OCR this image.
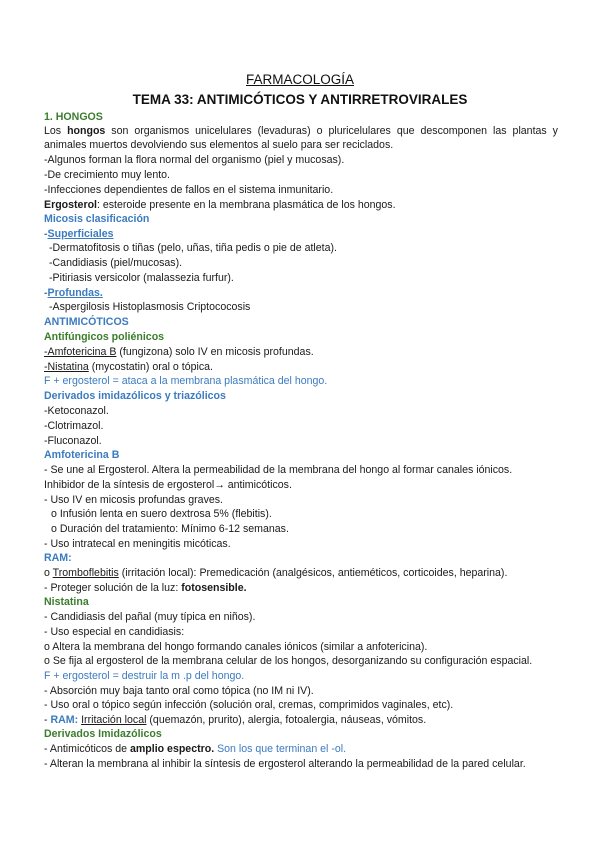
FARMACOLOGÍA
TEMA 33: ANTIMICÓTICOS Y ANTIRRETROVIRALES
1. HONGOS
Los hongos son organismos unicelulares (levaduras) o pluricelulares que descomponen las plantas y
animales muertos devolviendo sus elementos al suelo para ser reciclados.
-Algunos forman la flora normal del organismo (piel y mucosas).
-De crecimiento muy lento.
-Infecciones dependientes de fallos en el sistema inmunitario.
Ergosterol: esteroide presente en la membrana plasmática de los hongos.
Micosis clasificación
-Superficiales
-Dermatofitosis o tiñas (pelo, uñas, tiña pedis o pie de atleta).
-Candidiasis (piel/mucosas).
-Pitiriasis versicolor (malassezia furfur).
-Profundas.
-Aspergilosis Histoplasmosis Criptococosis
ANTIMICÓTICOS
Antifúngicos poliénicos
-Amfotericina B (fungizona) solo IV en micosis profundas.
-Nistatina (mycostatin) oral o tópica.
F + ergosterol = ataca a la membrana plasmática del hongo.
Derivados imidazólicos y triazólicos
-Ketoconazol.
-Clotrimazol.
-Fluconazol.
Amfotericina B
- Se une al Ergosterol. Altera la permeabilidad de la membrana del hongo al formar canales iónicos.
Inhibidor de la síntesis de ergosterol→ antimicóticos.
- Uso IV en micosis profundas graves.
o Infusión lenta en suero dextrosa 5% (flebitis).
o Duración del tratamiento: Mínimo 6-12 semanas.
- Uso intratecal en meningitis micóticas.
RAM:
o Tromboflebitis (irritación local): Premedicación (analgésicos, antieméticos, corticoides, heparina).
- Proteger solución de la luz: fotosensible.
Nistatina
- Candidiasis del pañal (muy típica en niños).
- Uso especial en candidiasis:
o Altera la membrana del hongo formando canales iónicos (similar a anfotericina).
o Se fija al ergosterol de la membrana celular de los hongos, desorganizando su configuración espacial.
F + ergosterol = destruir la m .p del hongo.
- Absorción muy baja tanto oral como tópica (no IM ni IV).
- Uso oral o tópico según infección (solución oral, cremas, comprimidos vaginales, etc).
- RAM: Irritación local (quemazón, prurito), alergia, fotoalergia, náuseas, vómitos.
Derivados Imidazólicos
- Antimicóticos de amplio espectro. Son los que terminan el -ol.
- Alteran la membrana al inhibir la síntesis de ergosterol alterando la permeabilidad de la pared celular.
